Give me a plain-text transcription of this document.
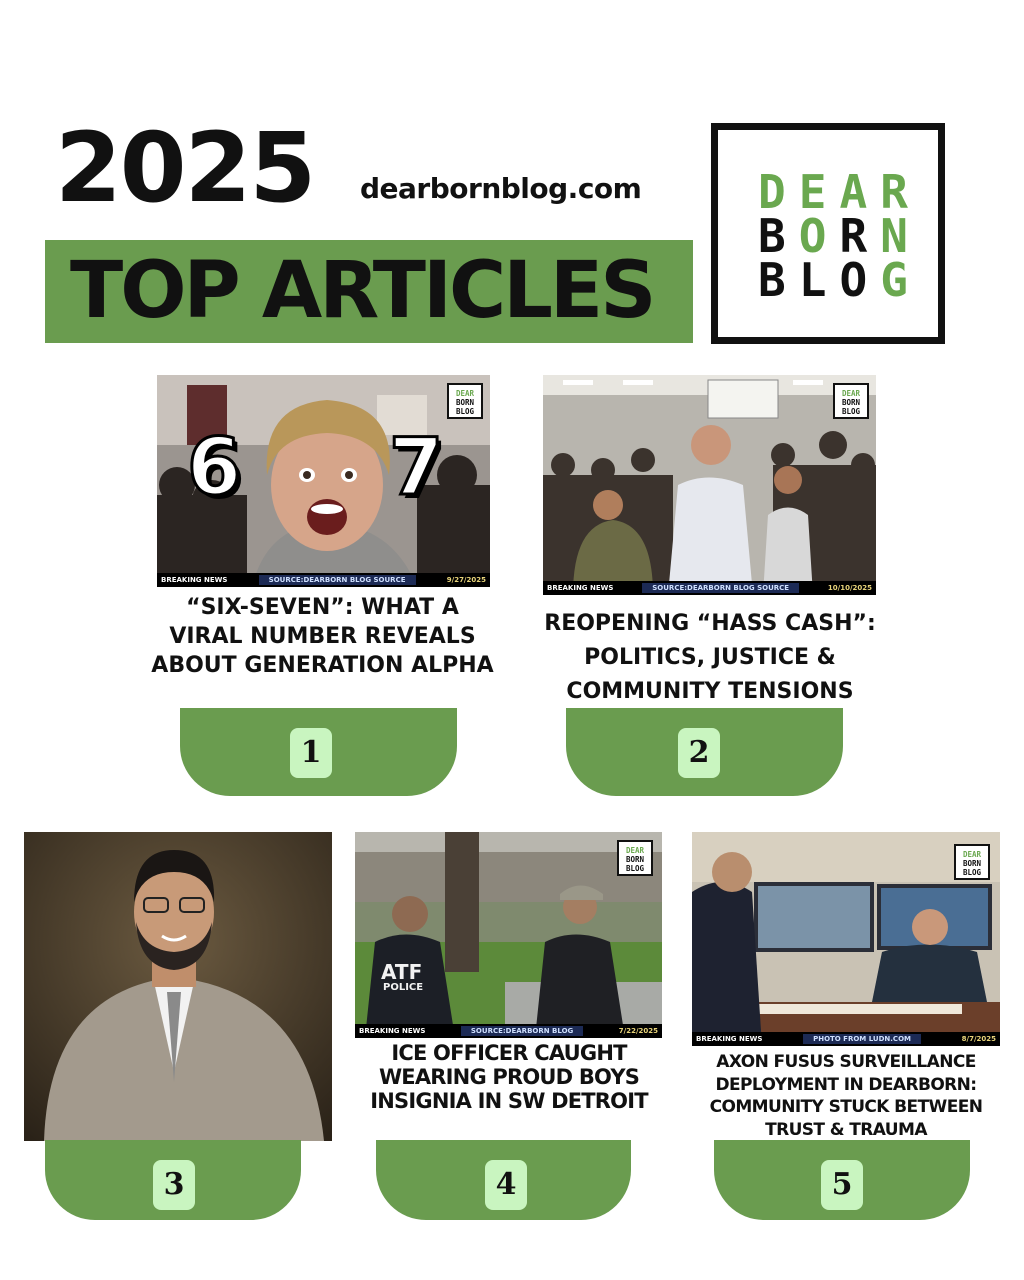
2025 dearbornblog.com
TOP ARTICLES
D E A R
B O R N
B L O G
6 7
DEAR
BORN
BLOG
BREAKING NEWS	SOURCE:DEARBORN BLOG SOURCE	9/27/2025
“SIX-SEVEN”: WHAT A VIRAL NUMBER REVEALS ABOUT GENERATION ALPHA
1
DEAR
BORN
BLOG
BREAKING NEWS	SOURCE:DEARBORN BLOG SOURCE	10/10/2025
REOPENING “HASS CASH”: POLITICS, JUSTICE & COMMUNITY TENSIONS
2
3
ATF
POLICE
DEAR
BORN
BLOG
BREAKING NEWS	SOURCE:DEARBORN BLOG	7/22/2025
ICE OFFICER CAUGHT WEARING PROUD BOYS INSIGNIA IN SW DETROIT
4
DEAR
BORN
BLOG
BREAKING NEWS	PHOTO FROM LUDN.COM	8/7/2025
AXON FUSUS SURVEILLANCE DEPLOYMENT IN DEARBORN: COMMUNITY STUCK BETWEEN TRUST & TRAUMA
5
